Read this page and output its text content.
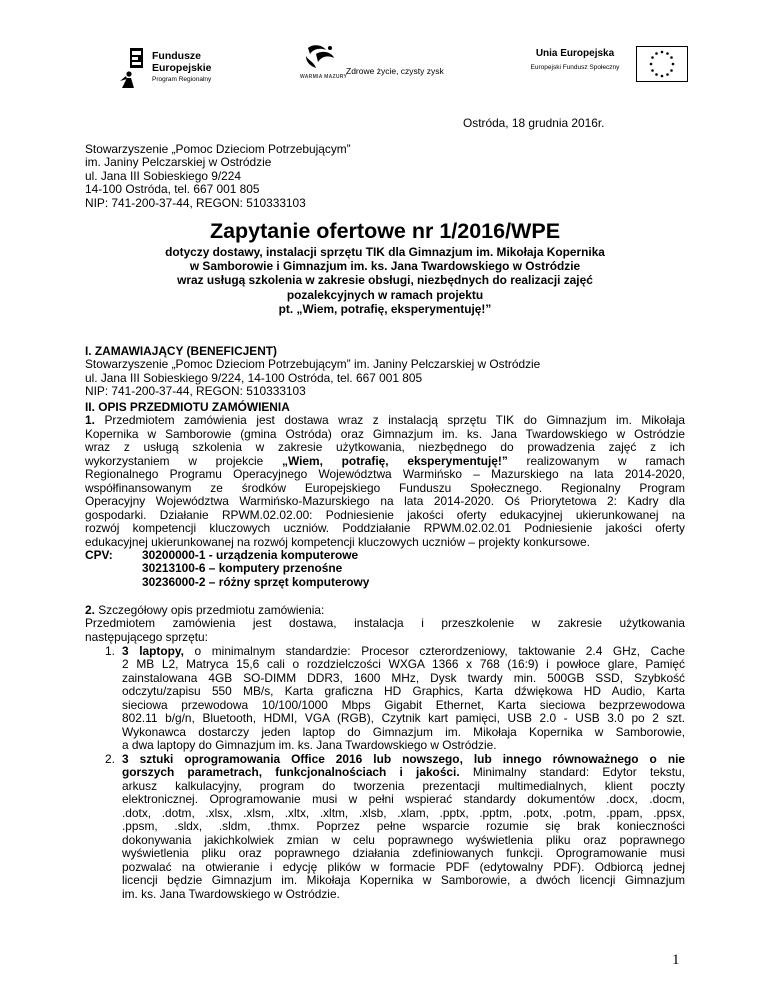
Fundusze
Europejskie
Program Regionalny	WARMIA MAZURY
Zdrowe życie, czysty zysk
Unia Europejska
Europejski Fundusz Społeczny
Ostróda, 18 grudnia 2016r.
Stowarzyszenie „Pomoc Dzieciom Potrzebującym”
im. Janiny Pelczarskiej w Ostródzie
ul. Jana III Sobieskiego 9/224
14-100 Ostróda, tel. 667 001 805
NIP: 741-200-37-44, REGON: 510333103
Zapytanie ofertowe nr 1/2016/WPE
dotyczy dostawy, instalacji sprzętu TIK dla Gimnazjum im. Mikołaja Kopernika
w Samborowie i Gimnazjum im. ks. Jana Twardowskiego w Ostródzie
wraz usługą szkolenia w zakresie obsługi, niezbędnych do realizacji zajęć
pozalekcyjnych w ramach projektu
pt. „Wiem, potrafię, eksperymentuję!”
I. ZAMAWIAJĄCY (BENEFICJENT)
Stowarzyszenie „Pomoc Dzieciom Potrzebującym” im. Janiny Pelczarskiej w Ostródzie
ul. Jana III Sobieskiego 9/224, 14-100 Ostróda, tel. 667 001 805
NIP: 741-200-37-44, REGON: 510333103
II. OPIS PRZEDMIOTU ZAMÓWIENIA
1. Przedmiotem zamówienia jest dostawa wraz z instalacją sprzętu TIK do Gimnazjum im. Mikołaja
Kopernika w Samborowie (gmina Ostróda) oraz Gimnazjum im. ks. Jana Twardowskiego w Ostródzie
wraz z usługą szkolenia w zakresie użytkowania, niezbędnego do prowadzenia zajęć z ich
wykorzystaniem w projekcie „Wiem, potrafię, eksperymentuję!” realizowanym w ramach
Regionalnego Programu Operacyjnego Województwa Warmińsko – Mazurskiego na lata 2014-2020,
współfinansowanym ze środków Europejskiego Funduszu Społecznego. Regionalny Program
Operacyjny Województwa Warmińsko-Mazurskiego na lata 2014-2020. Oś Priorytetowa 2: Kadry dla
gospodarki. Działanie RPWM.02.02.00: Podniesienie jakości oferty edukacyjnej ukierunkowanej na
rozwój kompetencji kluczowych uczniów. Poddziałanie RPWM.02.02.01 Podniesienie jakości oferty
edukacyjnej ukierunkowanej na rozwój kompetencji kluczowych uczniów – projekty konkursowe.
CPV: 30200000-1 - urządzenia komputerowe
30213100-6 – komputery przenośne
30236000-2 – różny sprzęt komputerowy
2. Szczegółowy opis przedmiotu zamówienia:
Przedmiotem zamówienia jest dostawa, instalacja i przeszkolenie w zakresie użytkowania
następującego sprzętu:
1. 3 laptopy, o minimalnym standardzie: Procesor czterordzeniowy, taktowanie 2.4 GHz, Cache
2 MB L2, Matryca 15,6 cali o rozdzielczości WXGA 1366 x 768 (16:9) i powłoce glare, Pamięć
zainstalowana 4GB SO-DIMM DDR3, 1600 MHz, Dysk twardy min. 500GB SSD, Szybkość
odczytu/zapisu 550 MB/s, Karta graficzna HD Graphics, Karta dźwiękowa HD Audio, Karta
sieciowa przewodowa 10/100/1000 Mbps Gigabit Ethernet, Karta sieciowa bezprzewodowa
802.11 b/g/n, Bluetooth, HDMI, VGA (RGB), Czytnik kart pamięci, USB 2.0 - USB 3.0 po 2 szt.
Wykonawca dostarczy jeden laptop do Gimnazjum im. Mikołaja Kopernika w Samborowie,
a dwa laptopy do Gimnazjum im. ks. Jana Twardowskiego w Ostródzie.
2. 3 sztuki oprogramowania Office 2016 lub nowszego, lub innego równoważnego o nie
gorszych parametrach, funkcjonalnościach i jakości. Minimalny standard: Edytor tekstu,
arkusz kalkulacyjny, program do tworzenia prezentacji multimedialnych, klient poczty
elektronicznej. Oprogramowanie musi w pełni wspierać standardy dokumentów .docx, .docm,
.dotx, .dotm, .xlsx, .xlsm, .xltx, .xltm, .xlsb, .xlam, .pptx, .pptm, .potx, .potm, .ppam, .ppsx,
.ppsm, .sldx, .sldm, .thmx. Poprzez pełne wsparcie rozumie się brak konieczności
dokonywania jakichkolwiek zmian w celu poprawnego wyświetlenia pliku oraz poprawnego
wyświetlenia pliku oraz poprawnego działania zdefiniowanych funkcji. Oprogramowanie musi
pozwalać na otwieranie i edycję plików w formacie PDF (edytowalny PDF). Odbiorcą jednej
licencji będzie Gimnazjum im. Mikołaja Kopernika w Samborowie, a dwóch licencji Gimnazjum
im. ks. Jana Twardowskiego w Ostródzie.
1
